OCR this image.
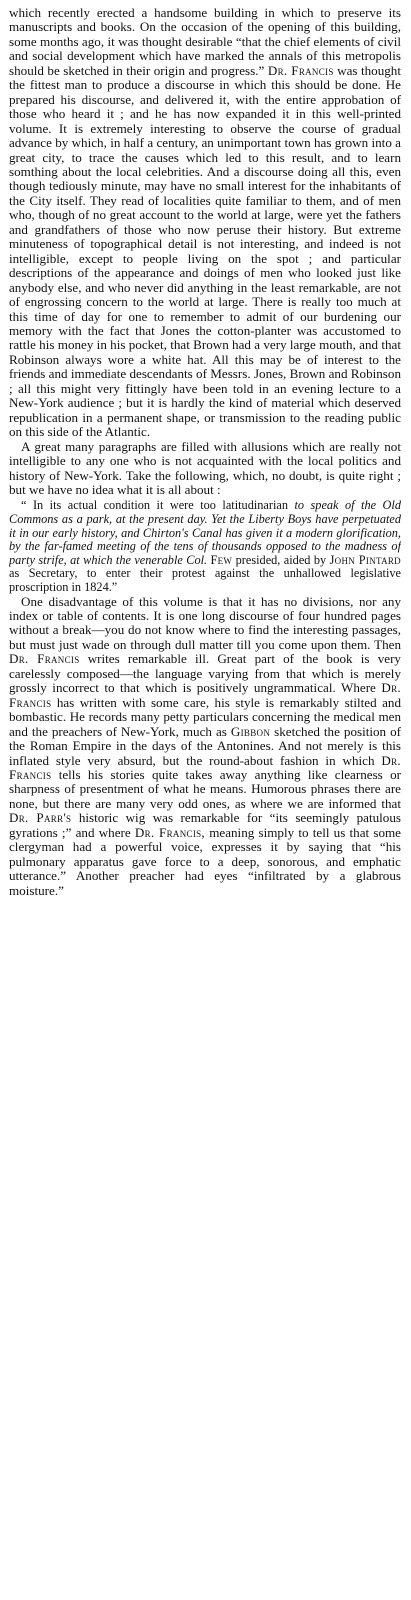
which recently erected a handsome building in which to preserve its manuscripts and books. On the occasion of the opening of this building, some months ago, it was thought desirable “that the chief elements of civil and social development which have marked the annals of this metropolis should be sketched in their origin and progress.” Dr. Francis was thought the fittest man to produce a discourse in which this should be done. He prepared his discourse, and delivered it, with the entire approbation of those who heard it ; and he has now expanded it in this well-printed volume. It is extremely interesting to observe the course of gradual advance by which, in half a century, an unimportant town has grown into a great city, to trace the causes which led to this result, and to learn somthing about the local celebrities. And a discourse doing all this, even though tediously minute, may have no small interest for the inhabitants of the City itself. They read of localities quite familiar to them, and of men who, though of no great account to the world at large, were yet the fathers and grandfathers of those who now peruse their history. But extreme minuteness of topographical detail is not interesting, and indeed is not intelligible, except to people living on the spot ; and particular descriptions of the appearance and doings of men who looked just like anybody else, and who never did anything in the least remarkable, are not of engrossing concern to the world at large. There is really too much at this time of day for one to remember to admit of our burdening our memory with the fact that Jones the cotton-planter was accustomed to rattle his money in his pocket, that Brown had a very large mouth, and that Robinson always wore a white hat. All this may be of interest to the friends and immediate descendants of Messrs. Jones, Brown and Robinson ; all this might very fittingly have been told in an evening lecture to a New-York audience ; but it is hardly the kind of material which deserved republication in a permanent shape, or transmission to the reading public on this side of the Atlantic.

A great many paragraphs are filled with allusions which are really not intelligible to any one who is not acquainted with the local politics and history of New-York. Take the following, which, no doubt, is quite right ; but we have no idea what it is all about :

“ In its actual condition it were too latitudinarian to speak of the Old Commons as a park, at the present day. Yet the Liberty Boys have perpetuated it in our early history, and Chirton's Canal has given it a modern glorification, by the far-famed meeting of the tens of thousands opposed to the madness of party strife, at which the venerable Col. Few presided, aided by John Pintard as Secretary, to enter their protest against the unhallowed legislative proscription in 1824.”

One disadvantage of this volume is that it has no divisions, nor any index or table of contents. It is one long discourse of four hundred pages without a break—you do not know where to find the interesting passages, but must just wade on through dull matter till you come upon them. Then Dr. Francis writes remarkable ill. Great part of the book is very carelessly composed—the language varying from that which is merely grossly incorrect to that which is positively ungrammatical. Where Dr. Francis has written with some care, his style is remarkably stilted and bombastic. He records many petty particulars concerning the medical men and the preachers of New-York, much as Gibbon sketched the position of the Roman Empire in the days of the Antonines. And not merely is this inflated style very absurd, but the round-about fashion in which Dr. Francis tells his stories quite takes away anything like clearness or sharpness of presentment of what he means. Humorous phrases there are none, but there are many very odd ones, as where we are informed that Dr. Parr's historic wig was remarkable for “its seemingly patulous gyrations ;” and where Dr. Francis, meaning simply to tell us that some clergyman had a powerful voice, expresses it by saying that “his pulmonary apparatus gave force to a deep, sonorous, and emphatic utterance.” Another preacher had eyes “infiltrated by a glabrous moisture.”
